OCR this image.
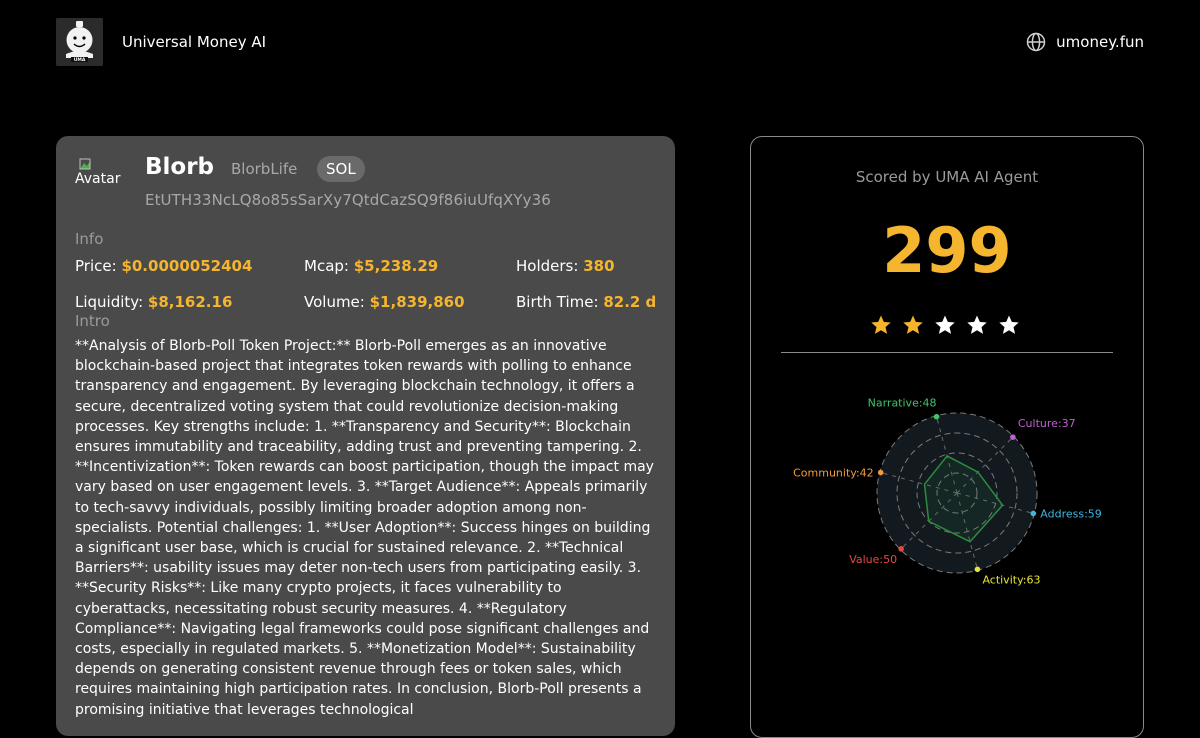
UMA
Universal Money AI	umoney.fun
Avatar Blorb BlorbLife	SOL
EtUTH33NcLQ8o85sSarXy7QtdCazSQ9f86iuUfqXYy36
Info
Price: $0.0000052404	Mcap: $5,238.29	Holders: 380
Liquidity: $8,162.16	Volume: $1,839,860	Birth Time: 82.2 d
Intro
**Analysis of Blorb-Poll Token Project:** Blorb-Poll emerges as an innovative blockchain-based project that integrates token rewards with polling to enhance transparency and engagement. By leveraging blockchain technology, it offers a secure, decentralized voting system that could revolutionize decision-making processes. Key strengths include: 1. **Transparency and Security**: Blockchain ensures immutability and traceability, adding trust and preventing tampering. 2. **Incentivization**: Token rewards can boost participation, though the impact may vary based on user engagement levels. 3. **Target Audience**: Appeals primarily to tech-savvy individuals, possibly limiting broader adoption among non-specialists. Potential challenges: 1. **User Adoption**: Success hinges on building a significant user base, which is crucial for sustained relevance. 2. **Technical Barriers**: usability issues may deter non-tech users from participating easily. 3. **Security Risks**: Like many crypto projects, it faces vulnerability to cyberattacks, necessitating robust security measures. 4. **Regulatory Compliance**: Navigating legal frameworks could pose significant challenges and costs, especially in regulated markets. 5. **Monetization Model**: Sustainability depends on generating consistent revenue through fees or token sales, which requires maintaining high participation rates. In conclusion, Blorb-Poll presents a promising initiative that leverages technological
Scored by UMA AI Agent
299
Narrative:48
Culture:37
Address:59
Activity:63
Value:50
Community:42
